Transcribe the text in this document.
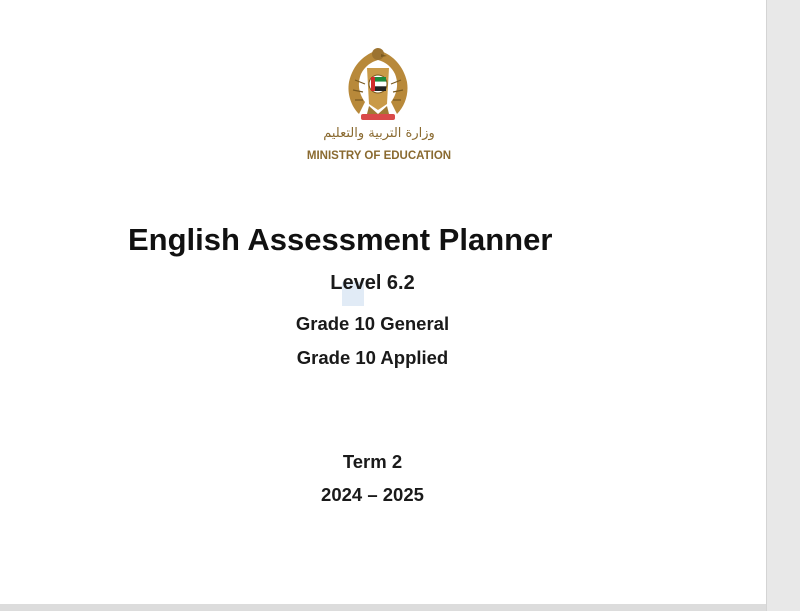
وزارة التربية والتعليم
MINISTRY OF EDUCATION
English Assessment Planner
Level 6.2
Grade 10 General
Grade 10 Applied
Term 2
2024 – 2025
